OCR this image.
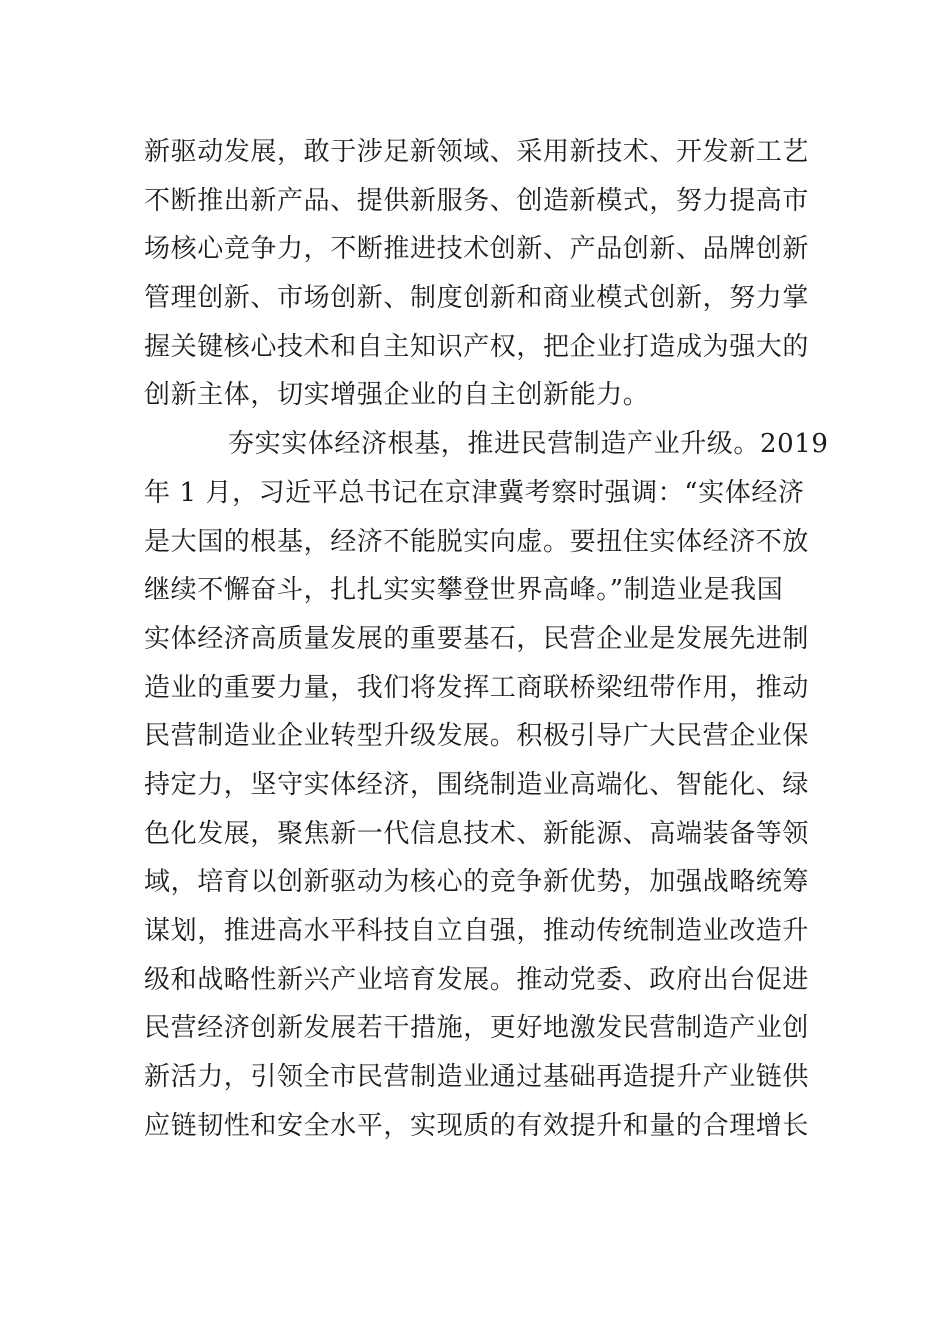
新驱动发展，敢于涉足新领域、采用新技术、开发新工艺
不断推出新产品、提供新服务、创造新模式，努力提高市
场核心竞争力，不断推进技术创新、产品创新、品牌创新
管理创新、市场创新、制度创新和商业模式创新，努力掌
握关键核心技术和自主知识产权，把企业打造成为强大的
创新主体，切实增强企业的自主创新能力。
夯实实体经济根基，推进民营制造产业升级。2019
年 1 月，习近平总书记在京津冀考察时强调：“实体经济
是大国的根基，经济不能脱实向虚。要扭住实体经济不放
继续不懈奋斗，扎扎实实攀登世界高峰。”制造业是我国
实体经济高质量发展的重要基石，民营企业是发展先进制
造业的重要力量，我们将发挥工商联桥梁纽带作用，推动
民营制造业企业转型升级发展。积极引导广大民营企业保
持定力，坚守实体经济，围绕制造业高端化、智能化、绿
色化发展，聚焦新一代信息技术、新能源、高端装备等领
域，培育以创新驱动为核心的竞争新优势，加强战略统筹
谋划，推进高水平科技自立自强，推动传统制造业改造升
级和战略性新兴产业培育发展。推动党委、政府出台促进
民营经济创新发展若干措施，更好地激发民营制造产业创
新活力，引领全市民营制造业通过基础再造提升产业链供
应链韧性和安全水平，实现质的有效提升和量的合理增长
